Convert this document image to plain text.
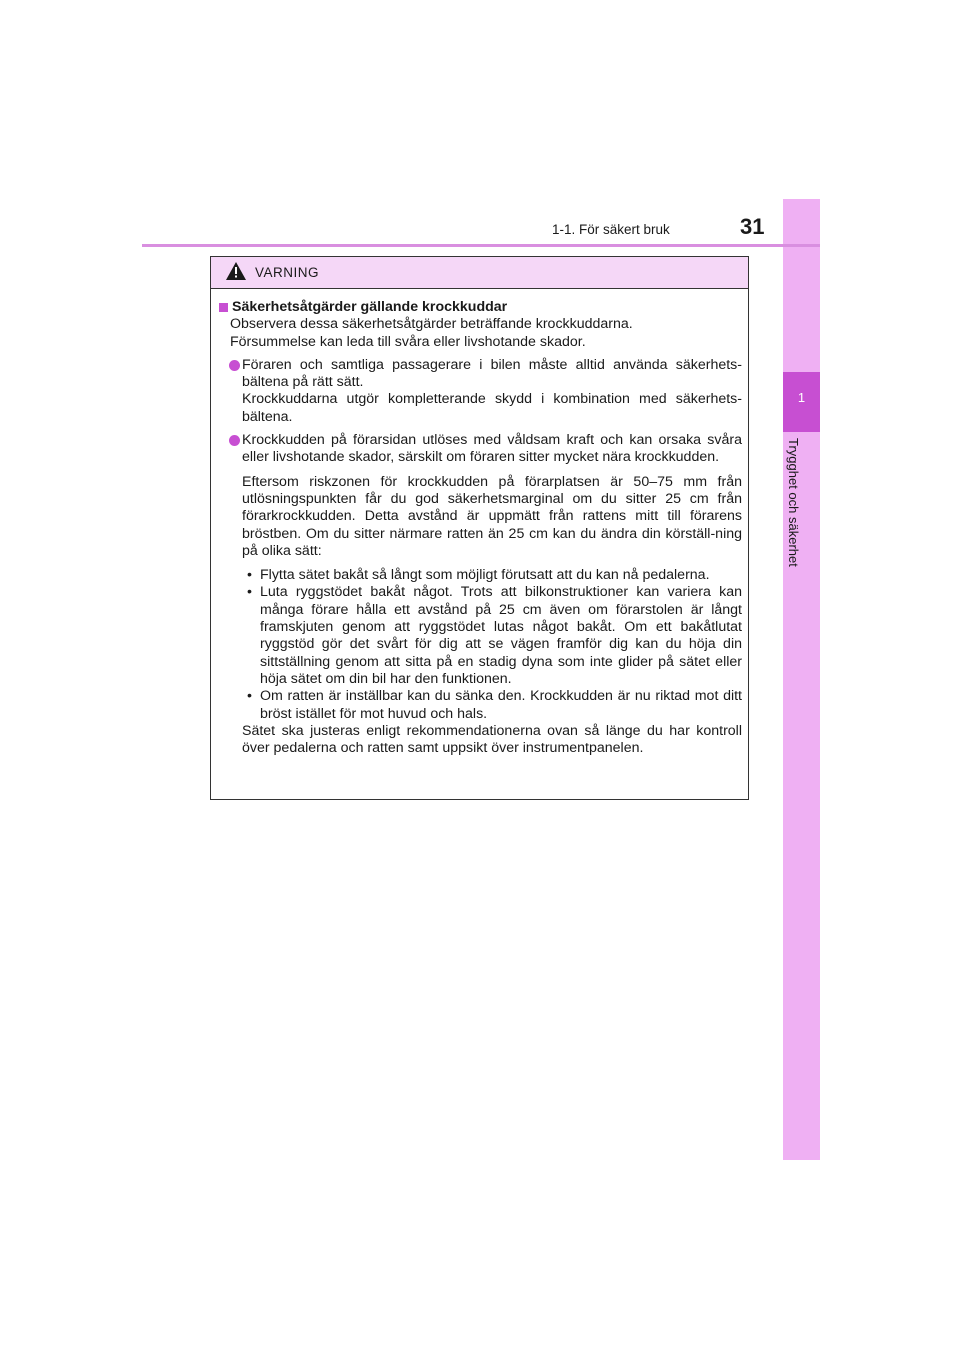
1
Trygghet och säkerhet
1-1. För säkert bruk	31
VARNING
Säkerhetsåtgärder gällande krockkuddar
Observera dessa säkerhetsåtgärder beträffande krockkuddarna.
Försummelse kan leda till svåra eller livshotande skador.
Föraren och samtliga passagerare i bilen måste alltid använda säkerhets-bältena på rätt sätt.
Krockkuddarna utgör kompletterande skydd i kombination med säkerhets-bältena.
Krockkudden på förarsidan utlöses med våldsam kraft och kan orsaka svåra eller livshotande skador, särskilt om föraren sitter mycket nära krockkudden.
Eftersom riskzonen för krockkudden på förarplatsen är 50–75 mm från utlösningspunkten får du god säkerhetsmarginal om du sitter 25 cm från förarkrockkudden. Detta avstånd är uppmätt från rattens mitt till förarens bröstben. Om du sitter närmare ratten än 25 cm kan du ändra din körställ-ning på olika sätt:
• Flytta sätet bakåt så långt som möjligt förutsatt att du kan nå pedalerna.
• Luta ryggstödet bakåt något. Trots att bilkonstruktioner kan variera kan många förare hålla ett avstånd på 25 cm även om förarstolen är långt framskjuten genom att ryggstödet lutas något bakåt. Om ett bakåtlutat ryggstöd gör det svårt för dig att se vägen framför dig kan du höja din sittställning genom att sitta på en stadig dyna som inte glider på sätet eller höja sätet om din bil har den funktionen.
• Om ratten är inställbar kan du sänka den. Krockkudden är nu riktad mot ditt bröst istället för mot huvud och hals.
Sätet ska justeras enligt rekommendationerna ovan så länge du har kontroll över pedalerna och ratten samt uppsikt över instrumentpanelen.
